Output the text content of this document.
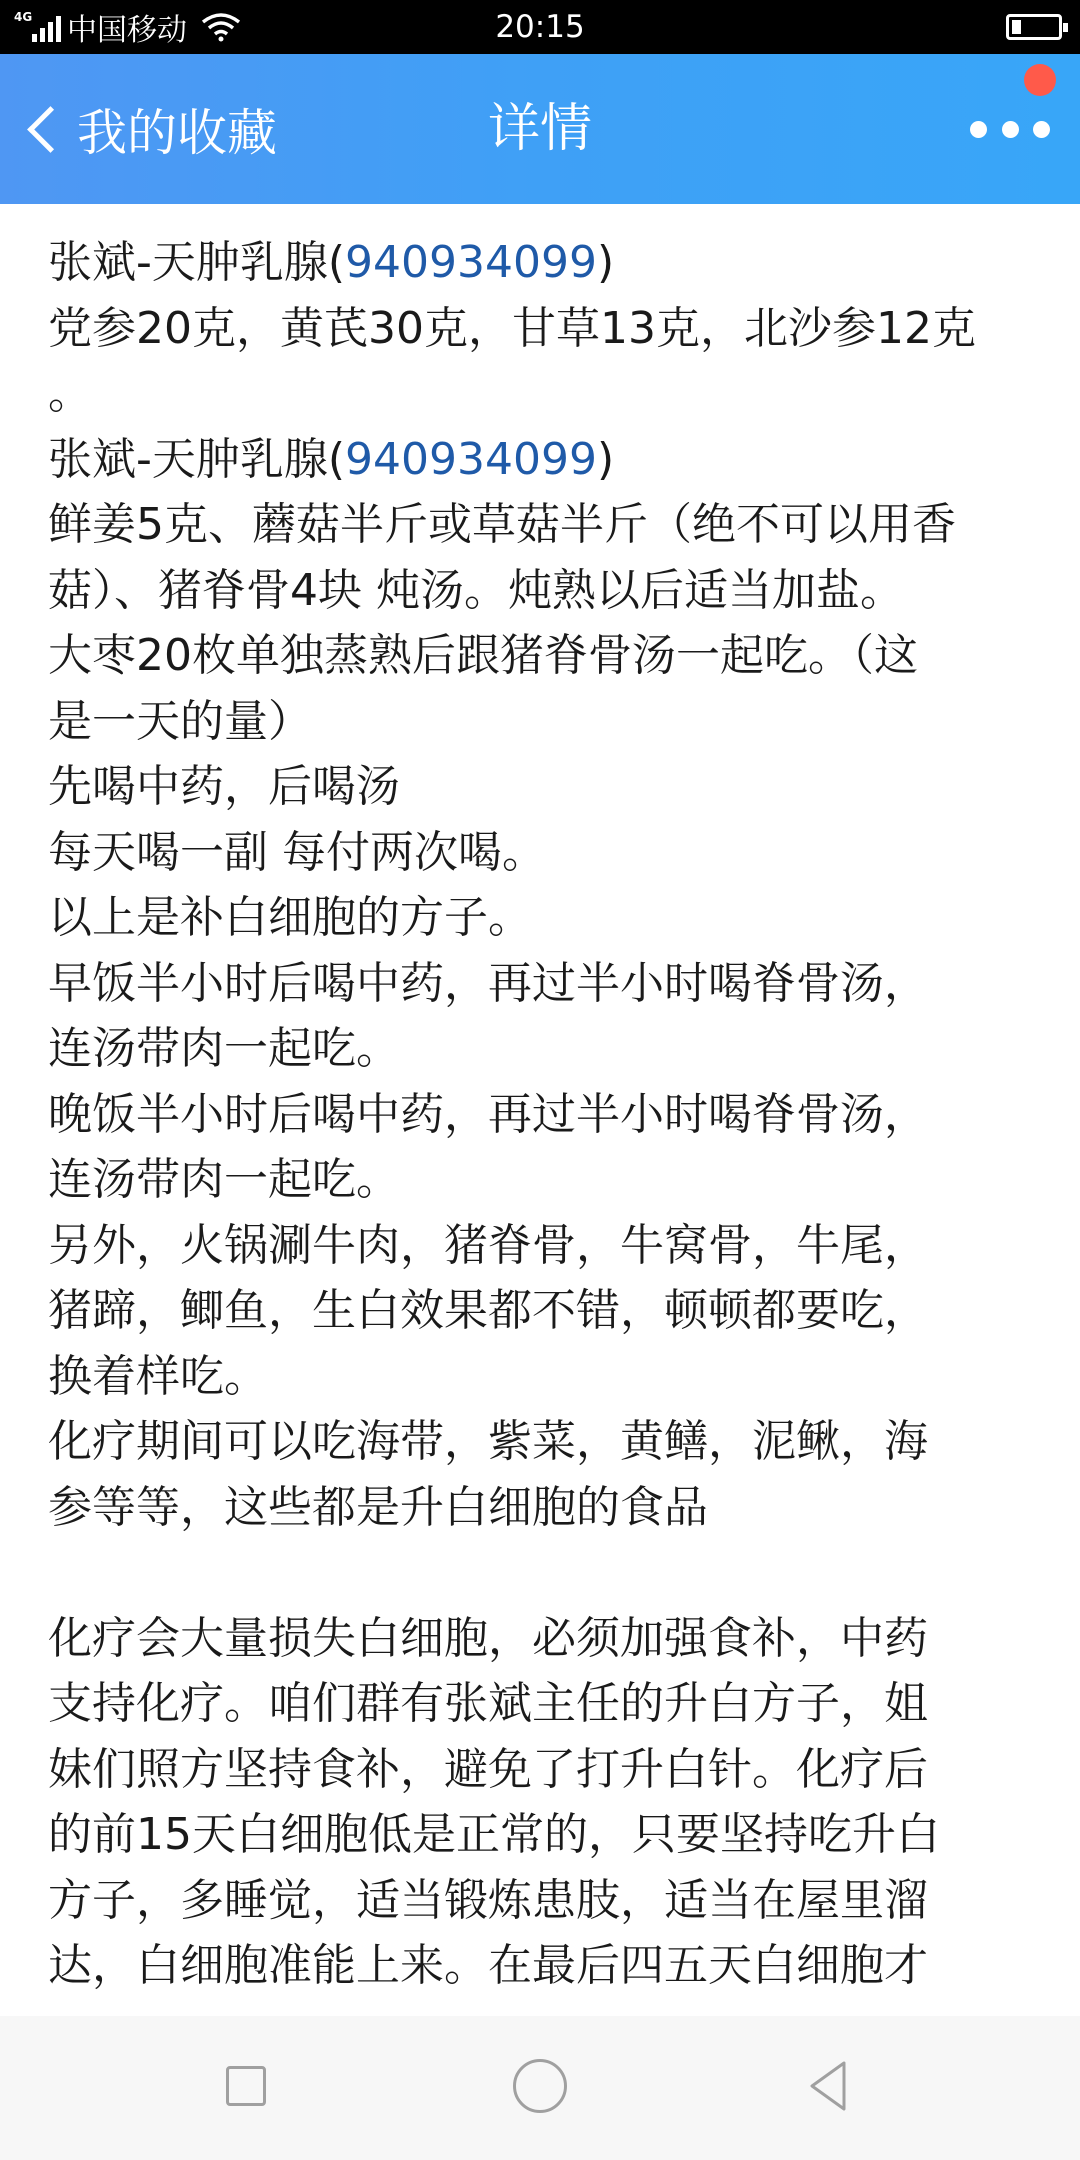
4G 中国移动	20:15
我的收藏	详情
张斌-天肿乳腺(940934099)
党参20克，黄芪30克，甘草13克，北沙参12克
。
张斌-天肿乳腺(940934099)
鲜姜5克、蘑菇半斤或草菇半斤（绝不可以用香
菇）、猪脊骨4块 炖汤。炖熟以后适当加盐。
大枣20枚单独蒸熟后跟猪脊骨汤一起吃。（这
是一天的量）
先喝中药，后喝汤
每天喝一副 每付两次喝。
以上是补白细胞的方子。
早饭半小时后喝中药，再过半小时喝脊骨汤，
连汤带肉一起吃。
晚饭半小时后喝中药，再过半小时喝脊骨汤，
连汤带肉一起吃。
另外，火锅涮牛肉，猪脊骨，牛窝骨，牛尾，
猪蹄，鲫鱼，生白效果都不错，顿顿都要吃，
换着样吃。
化疗期间可以吃海带，紫菜，黄鳝，泥鳅，海
参等等，这些都是升白细胞的食品
化疗会大量损失白细胞，必须加强食补，中药
支持化疗。咱们群有张斌主任的升白方子，姐
妹们照方坚持食补，避免了打升白针。化疗后
的前15天白细胞低是正常的，只要坚持吃升白
方子，多睡觉，适当锻炼患肢，适当在屋里溜
达，白细胞准能上来。在最后四五天白细胞才
